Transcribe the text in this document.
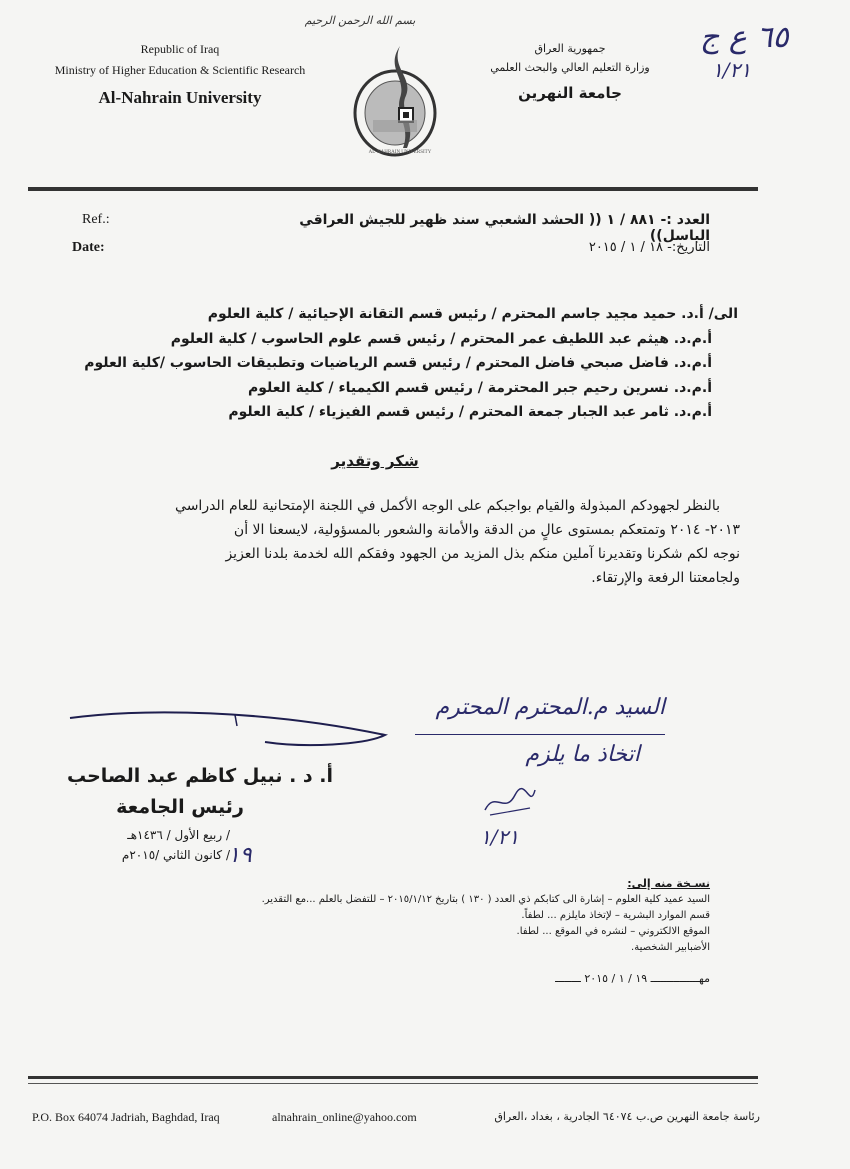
Republic of Iraq
Ministry of Higher Education & Scientific Research
Al-Nahrain University
بسم الله الرحمن الرحيم
AL-NAHRAIN UNIVERSITY
جمهورية العراق
وزارة التعليم العالي والبحث العلمي
جامعة النهرين
٦٥ ع ج
١/٢١
Ref.:
Date:
العدد :- ٨٨١ / ١ (( الحشد الشعبي سند ظهير للجيش العراقي الباسل))
التاريخ:- ١٨ / ١ / ٢٠١٥
الى/ أ.د. حميد مجيد جاسم المحترم / رئيس قسم التقانة الإحيائية / كلية العلوم
أ.م.د. هيثم عبد اللطيف عمر المحترم / رئيس قسم علوم الحاسوب / كلية العلوم
أ.م.د. فاضل صبحي فاضل المحترم / رئيس قسم الرياضيات وتطبيقات الحاسوب /كلية العلوم
أ.م.د. نسرين رحيم جبر المحترمة / رئيس قسم الكيمياء / كلية العلوم
أ.م.د. ثامر عبد الجبار جمعة المحترم / رئيس قسم الفيزياء / كلية العلوم
شكر وتقدير
بالنظر لجهودكم المبذولة والقيام بواجبكم على الوجه الأكمل في اللجنة الإمتحانية للعام الدراسي
٢٠١٣- ٢٠١٤ وتمتعكم بمستوى عالٍ من الدقة والأمانة والشعور بالمسؤولية، لايسعنا الا أن
نوجه لكم شكرنا وتقديرنا آملين منكم بذل المزيد من الجهود وفقكم الله لخدمة بلدنا العزيز
ولجامعتنا الرفعة والإرتقاء.
السيد م.المحترم المحترم
اتخاذ ما يلزم
١/٢١
أ. د . نبيل كاظم عبد الصاحب
رئيس الجامعة
/ ربيع الأول / ١٤٣٦هـ
/ كانون الثاني /٢٠١٥م
١٩
نسـخة منه إلى:
السيد عميد كلية العلوم – إشارة الى كتابكم ذي العدد ( ١٣٠ ) بتاريخ ٢٠١٥/١/١٢ – للتفضل بالعلم ...مع التقدير.
قسم الموارد البشرية – لإتخاذ مايلزم ... لطفاً.
الموقع الالكتروني – لنشره في الموقع ... لطفا.
الأضبابير الشخصية.
مهـــــــــــــــ ١٩ / ١ / ٢٠١٥ ــــــــ
P.O. Box 64074 Jadriah, Baghdad, Iraq	alnahrain_online@yahoo.com	رئاسة جامعة النهرين ص.ب ٦٤٠٧٤ الجادرية ، بغداد ،العراق
